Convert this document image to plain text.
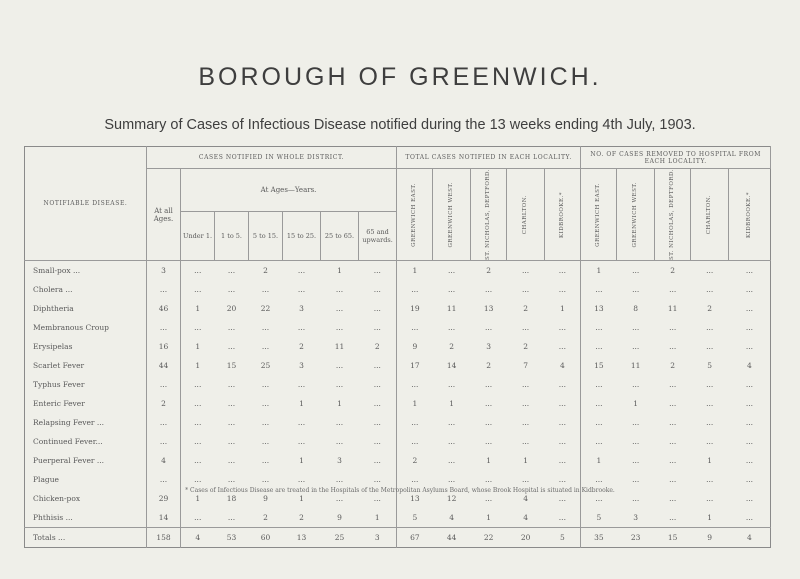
BOROUGH OF GREENWICH.
Summary of Cases of Infectious Disease notified during the 13 weeks ending 4th July, 1903.
NOTIFIABLE DISEASE.	CASES NOTIFIED IN WHOLE DISTRICT.							TOTAL CASES NOTIFIED IN EACH LOCALITY.					NO. OF CASES REMOVED TO HOSPITAL FROM EACH LOCALITY.				
	At all Ages.	At Ages—Years.						GREENWICH EAST.	GREENWICH WEST.	ST. NICHOLAS, DEPTFORD.	CHARLTON.	KIDBROOKE.*	GREENWICH EAST.	GREENWICH WEST.	ST. NICHOLAS, DEPTFORD.	CHARLTON.	KIDBROOKE.*

		Under 1.	1 to 5.	5 to 15.	15 to 25.	25 to 65.	65 and upwards.										
Small-pox ...	3	...	...	2	...	1	...	1	...	2	...	...	1	...	2	...	...
Cholera ...	...	...	...	...	...	...	...	...	...	...	...	...	...	...	...	...	...
Diphtheria	46	1	20	22	3	...	...	19	11	13	2	1	13	8	11	2	...
Membranous Croup	...	...	...	...	...	...	...	...	...	...	...	...	...	...	...	...	...
Erysipelas	16	1	...	...	2	11	2	9	2	3	2	...	...	...	...	...	...
Scarlet Fever	44	1	15	25	3	...	...	17	14	2	7	4	15	11	2	5	4
Typhus Fever	...	...	...	...	...	...	...	...	...	...	...	...	...	...	...	...	...
Enteric Fever	2	...	...	...	1	1	...	1	1	...	...	...	...	1	...	...	...
Relapsing Fever ...	...	...	...	...	...	...	...	...	...	...	...	...	...	...	...	...	...
Continued Fever...	...	...	...	...	...	...	...	...	...	...	...	...	...	...	...	...	...
Puerperal Fever ...	4	...	...	...	1	3	...	2	...	1	1	...	1	...	...	1	...
Plague	...	...	...	...	...	...	...	...	...	...	...	...	...	...	...	...	...
Chicken-pox	29	1	18	9	1	...	...	13	12	...	4	...	...	...	...	...	...
Phthisis ...	14	...	...	2	2	9	1	5	4	1	4	...	5	3	...	1	...
Totals ...	158	4	53	60	13	25	3	67	44	22	20	5	35	23	15	9	4
* Cases of Infectious Disease are treated in the Hospitals of the Metropolitan Asylums Board, whose Brook Hospital is situated in Kidbrooke.
